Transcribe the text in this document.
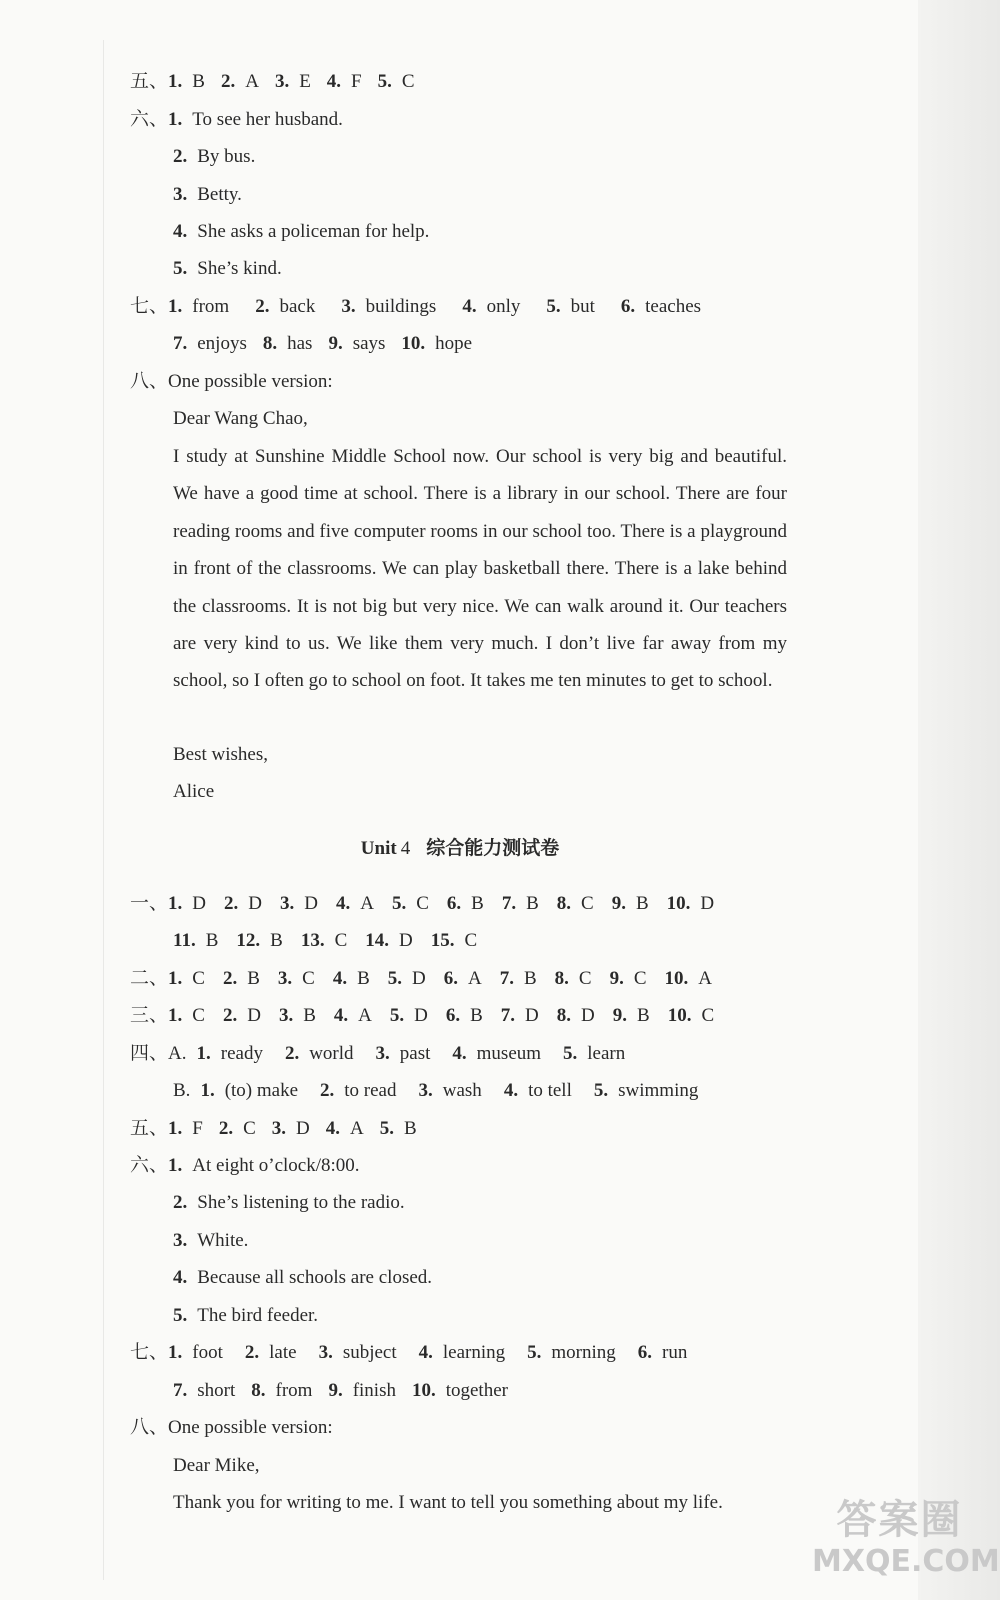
五、1. B 2. A 3. E 4. F 5. C
六、1. To see her husband.
2. By bus.
3. Betty.
4. She asks a policeman for help.
5. She’s kind.
七、1. from 2. back 3. buildings 4. only 5. but 6. teaches
7. enjoys 8. has 9. says 10. hope
八、One possible version:
Dear Wang Chao,
I study at Sunshine Middle School now. Our school is very big and beautiful. We have a good time at school. There is a library in our school. There are four reading rooms and five computer rooms in our school too. There is a playground in front of the classrooms. We can play basketball there. There is a lake behind the classrooms. It is not big but very nice. We can walk around it. Our teachers are very kind to us. We like them very much. I don’t live far away from my school, so I often go to school on foot. It takes me ten minutes to get to school.
Best wishes,
Alice
Unit 4 综合能力测试卷
一、1. D 2. D 3. D 4. A 5. C 6. B 7. B 8. C 9. B 10. D
11. B 12. B 13. C 14. D 15. C
二、1. C 2. B 3. C 4. B 5. D 6. A 7. B 8. C 9. C 10. A
三、1. C 2. D 3. B 4. A 5. D 6. B 7. D 8. D 9. B 10. C
四、A. 1. ready 2. world 3. past 4. museum 5. learn
B. 1. (to) make 2. to read 3. wash 4. to tell 5. swimming
五、1. F 2. C 3. D 4. A 5. B
六、1. At eight o’clock/8:00.
2. She’s listening to the radio.
3. White.
4. Because all schools are closed.
5. The bird feeder.
七、1. foot 2. late 3. subject 4. learning 5. morning 6. run
7. short 8. from 9. finish 10. together
八、One possible version:
Dear Mike,
Thank you for writing to me. I want to tell you something about my life.	答案圈
MXQE.COM
